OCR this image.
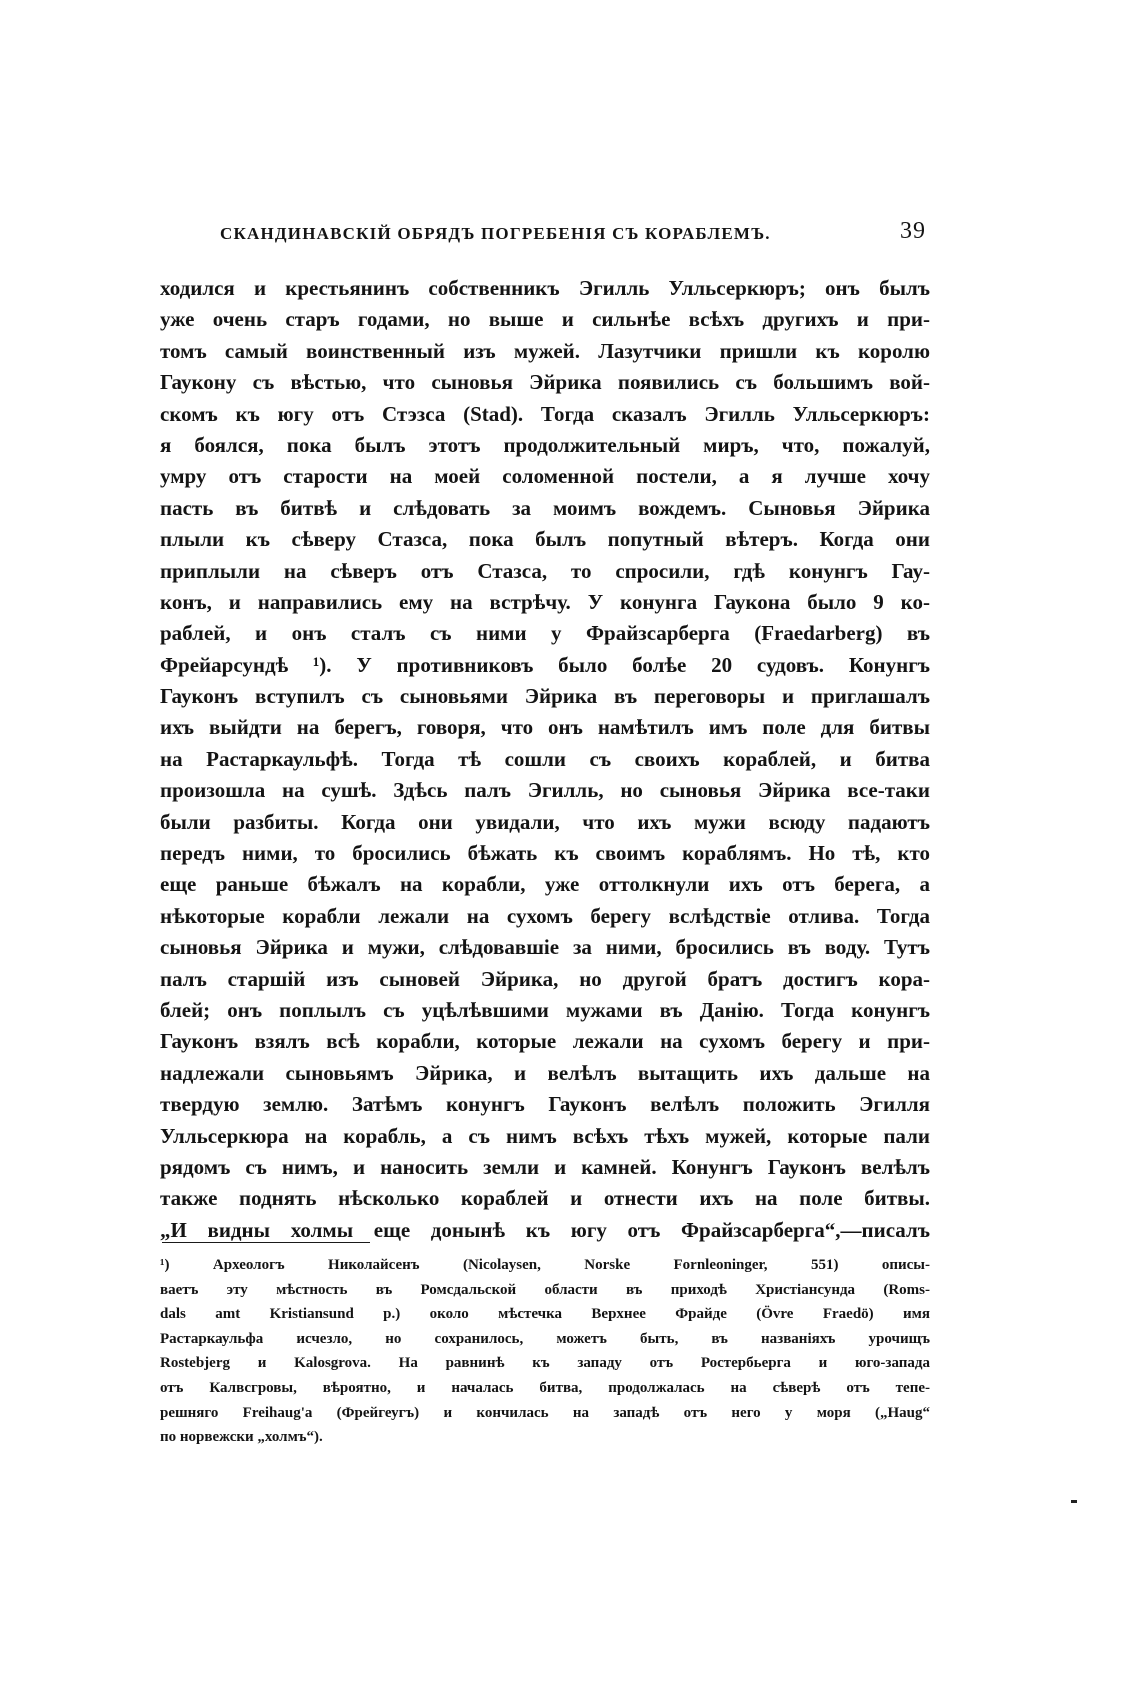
СКАНДИНАВСКІЙ ОБРЯДЪ ПОГРЕБЕНІЯ СЪ КОРАБЛЕМЪ.	39
ходился и крестьянинъ собственникъ Эгилль Улльсеркюръ; онъ былъ
уже очень старъ годами, но выше и сильнѣе всѣхъ другихъ и при-
томъ самый воинственный изъ мужей. Лазутчики пришли къ королю
Гаукону съ вѣстью, что сыновья Эйрика появились съ большимъ вой-
скомъ къ югу отъ Стэзса (Stad). Тогда сказалъ Эгилль Улльсеркюръ:
я боялся, пока былъ этотъ продолжительный миръ, что, пожалуй,
умру отъ старости на моей соломенной постели, а я лучше хочу
пасть въ битвѣ и слѣдовать за моимъ вождемъ. Сыновья Эйрика
плыли къ сѣверу Стазса, пока былъ попутный вѣтеръ. Когда они
приплыли на сѣверъ отъ Стазса, то спросили, гдѣ конунгъ Гау-
конъ, и направились ему на встрѣчу. У конунга Гаукона было 9 ко-
раблей, и онъ сталъ съ ними у Фрайзсарберга (Fraedarberg) въ
Фрейарсундѣ ¹). У противниковъ было болѣе 20 судовъ. Конунгъ
Гауконъ вступилъ съ сыновьями Эйрика въ переговоры и приглашалъ
ихъ выйдти на берегъ, говоря, что онъ намѣтилъ имъ поле для битвы
на Растаркаульфѣ. Тогда тѣ сошли съ своихъ кораблей, и битва
произошла на сушѣ. Здѣсь палъ Эгилль, но сыновья Эйрика все-таки
были разбиты. Когда они увидали, что ихъ мужи всюду падаютъ
передъ ними, то бросились бѣжать къ своимъ кораблямъ. Но тѣ, кто
еще раньше бѣжалъ на корабли, уже оттолкнули ихъ отъ берега, а
нѣкоторые корабли лежали на сухомъ берегу вслѣдствіе отлива. Тогда
сыновья Эйрика и мужи, слѣдовавшіе за ними, бросились въ воду. Тутъ
палъ старшій изъ сыновей Эйрика, но другой братъ достигъ кора-
блей; онъ поплылъ съ уцѣлѣвшими мужами въ Данію. Тогда конунгъ
Гауконъ взялъ всѣ корабли, которые лежали на сухомъ берегу и при-
надлежали сыновьямъ Эйрика, и велѣлъ вытащить ихъ дальше на
твердую землю. Затѣмъ конунгъ Гауконъ велѣлъ положить Эгилля
Улльсеркюра на корабль, а съ нимъ всѣхъ тѣхъ мужей, которые пали
рядомъ съ нимъ, и наносить земли и камней. Конунгъ Гауконъ велѣлъ
также поднять нѣсколько кораблей и отнести ихъ на поле битвы.
„И видны холмы еще донынѣ къ югу отъ Фрайзсарберга“,—писалъ
¹) Археологъ Николайсенъ (Nicolaysen, Norske Fornleoninger, 551) описы-
ваетъ эту мѣстность въ Ромсдальской области въ приходѣ Христіансунда (Roms-
dals amt Kristiansund p.) около мѣстечка Верхнее Фрайде (Övre Fraedö) имя
Растаркаульфа исчезло, но сохранилось, можетъ быть, въ названіяхъ урочищъ
Rostebjerg и Kalosgrova. На равнинѣ къ западу отъ Ростербьерга и юго-запада
отъ Калвсгровы, вѣроятно, и началась битва, продолжалась на сѣверѣ отъ тепе-
решняго Freihaug'a (Фрейгеугъ) и кончилась на западѣ отъ него у моря („Haug“
по норвежски „холмъ“).
